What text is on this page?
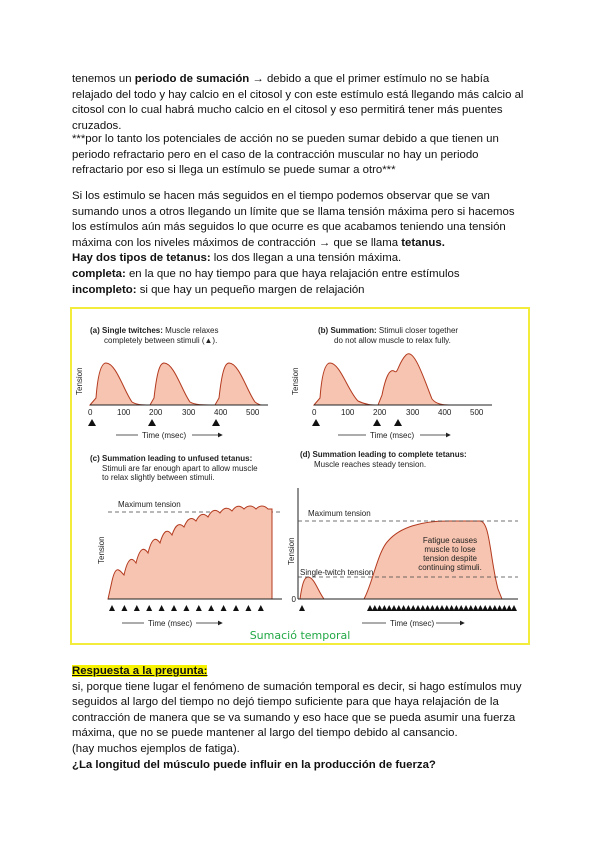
tenemos un periodo de sumación → debido a que el primer estímulo no se había relajado del todo y hay calcio en el citosol y con este estímulo está llegando más calcio al citosol con lo cual habrá mucho calcio en el citosol y eso permitirá tener más puentes cruzados.

***por lo tanto los potenciales de acción no se pueden sumar debido a que tienen un periodo refractario pero en el caso de la contracción muscular no hay un periodo refractario por eso si llega un estímulo se puede sumar a otro***

Si los estimulo se hacen más seguidos en el tiempo podemos observar que se van sumando unos a otros llegando un límite que se llama tensión máxima pero si hacemos los estímulos aún más seguidos lo que ocurre es que acabamos teniendo una tensión máxima con los niveles máximos de contracción → que se llama tetanus.

Hay dos tipos de tetanus: los dos llegan a una tensión máxima.

completa: en la que no hay tiempo para que haya relajación entre estímulos

incompleto: si que hay un pequeño margen de relajación

(a) Single twitches: Muscle relaxes
completely between stimuli (▲).
Tension
0	100 200 300 400 500
Time (msec)
(b) Summation: Stimuli closer together
do not allow muscle to relax fully.
Tension
0	100 200 300 400 500
Time (msec)
(c) Summation leading to unfused tetanus:
Stimuli are far enough apart to allow muscle
to relax slightly between stimuli.
Maximum tension
Tension
Time (msec)
(d) Summation leading to complete tetanus:
Muscle reaches steady tension.
Tension
0
Maximum tension
Single-twitch tension
Fatigue causes
muscle to lose
tension despite
continuing stimuli.
Time (msec)
Sumació temporal

Respuesta a la pregunta:

si, porque tiene lugar el fenómeno de sumación temporal es decir, si hago estímulos muy seguidos al largo del tiempo no dejó tiempo suficiente para que haya relajación de la contracción de manera que se va sumando y eso hace que se pueda asumir una fuerza máxima, que no se puede mantener al largo del tiempo debido al cansancio.

(hay muchos ejemplos de fatiga).

¿La longitud del músculo puede influir en la producción de fuerza?
